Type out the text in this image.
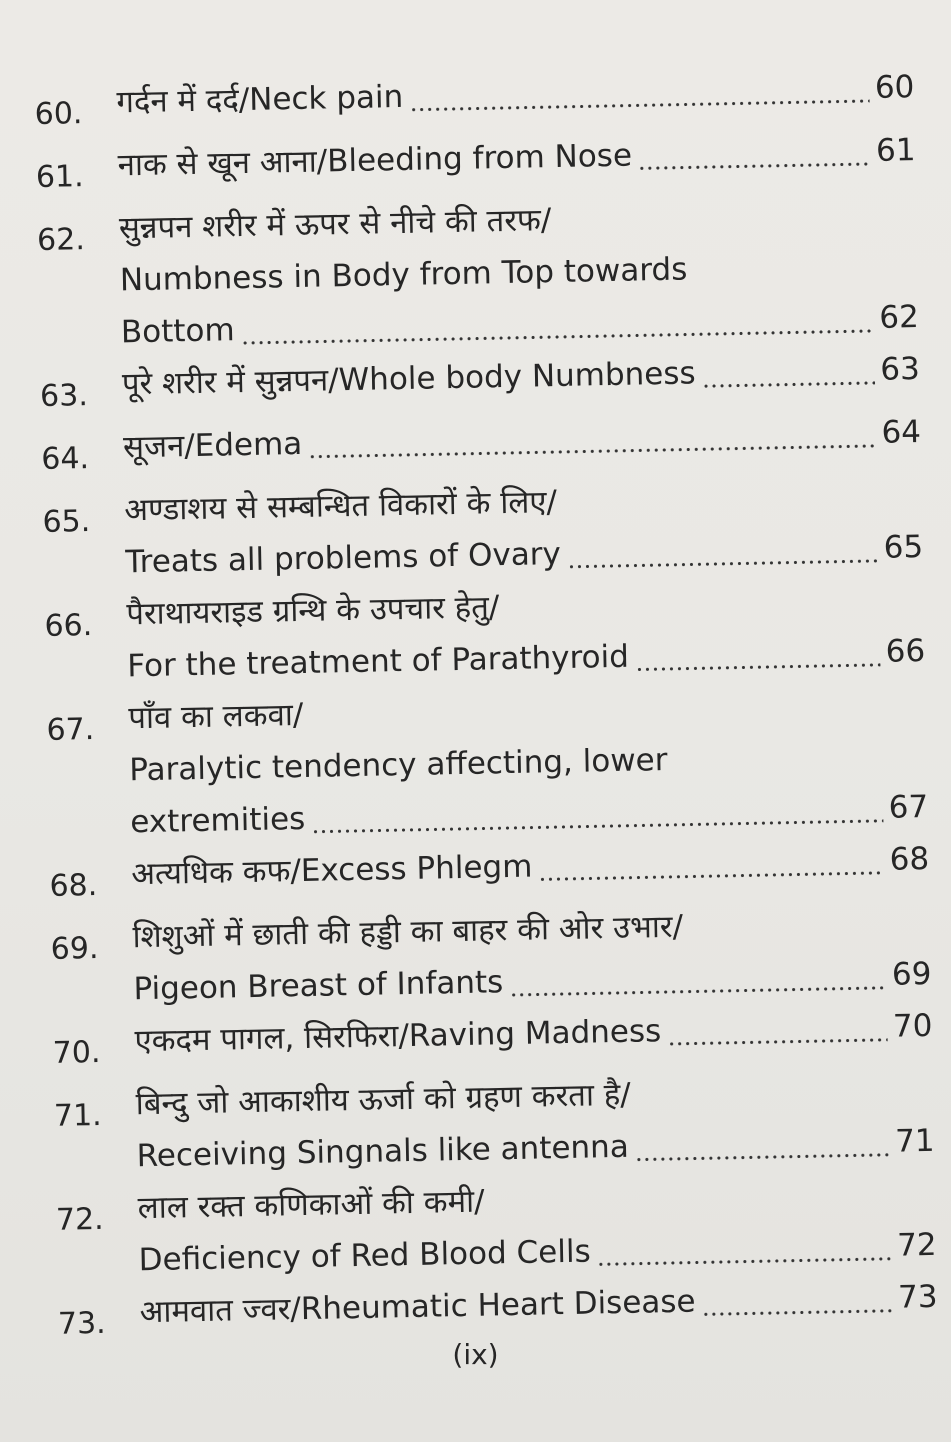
60.	गर्दन में दर्द/Neck pain	60
61.	नाक से खून आना/Bleeding from Nose	61
62.	सुन्नपन शरीर में ऊपर से नीचे की तरफ/
Numbness in Body from Top towards
Bottom	62
63.	पूरे शरीर में सुन्नपन/Whole body Numbness	63
64.	सूजन/Edema	64
65.	अण्डाशय से सम्बन्धित विकारों के लिए/
Treats all problems of Ovary	65
66.	पैराथायराइड ग्रन्थि के उपचार हेतु/
For the treatment of Parathyroid	66
67.	पाँव का लकवा/
Paralytic tendency affecting, lower
extremities	67
68.	अत्यधिक कफ/Excess Phlegm	68
69.	शिशुओं में छाती की हड्डी का बाहर की ओर उभार/
Pigeon Breast of Infants	69
70.	एकदम पागल, सिरफिरा/Raving Madness	70
71.	बिन्दु जो आकाशीय ऊर्जा को ग्रहण करता है/
Receiving Singnals like antenna	71
72.	लाल रक्त कणिकाओं की कमी/
Deficiency of Red Blood Cells	72
73.	आमवात ज्वर/Rheumatic Heart Disease	73
(ix)
